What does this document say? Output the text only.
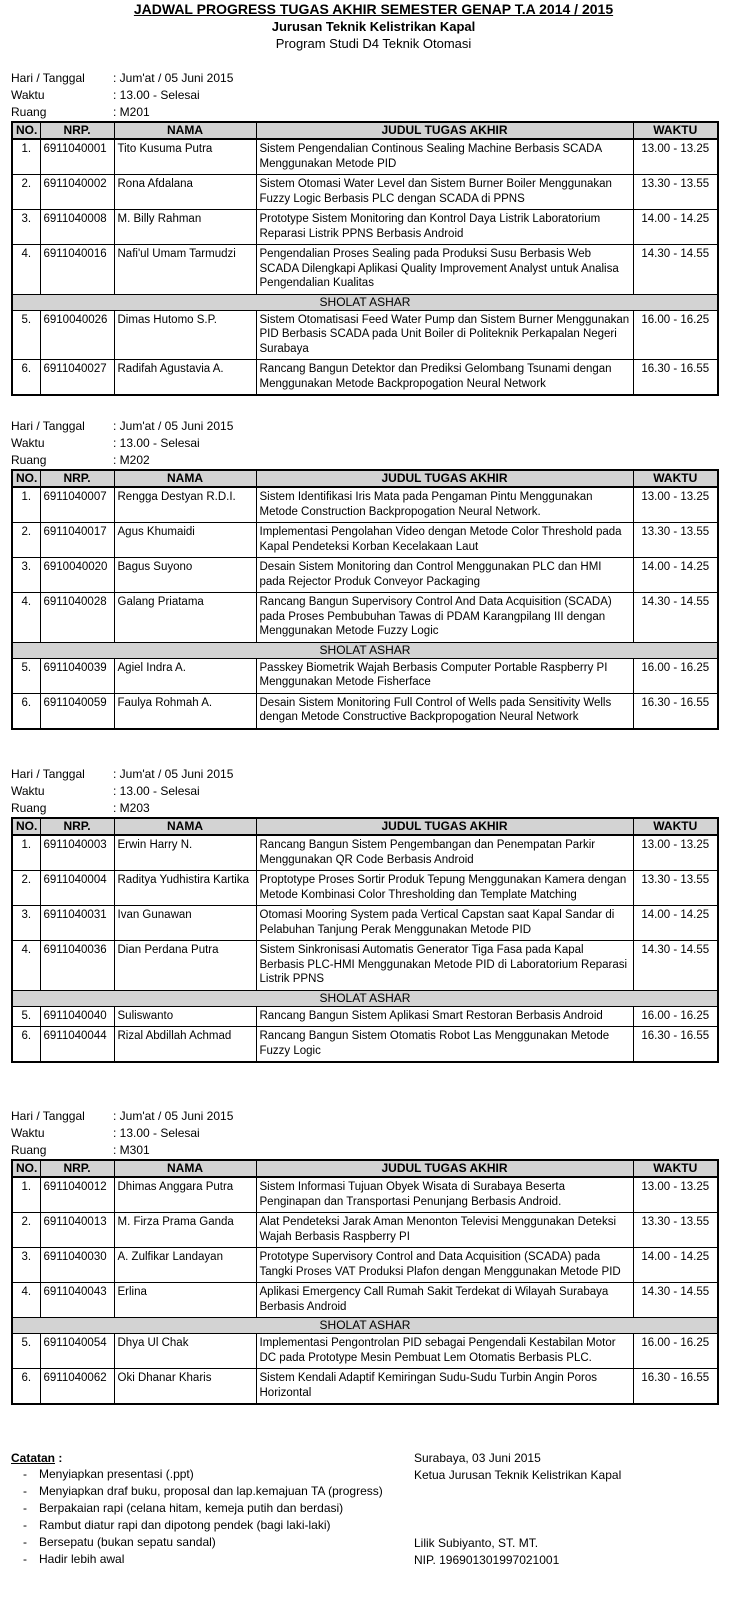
JADWAL PROGRESS TUGAS AKHIR SEMESTER GENAP T.A 2014 / 2015
Jurusan Teknik Kelistrikan Kapal
Program Studi D4 Teknik Otomasi
Hari / Tanggal : Jum'at / 05 Juni 2015
Waktu	: 13.00 - Selesai
Ruang	: M201
NO.	NRP.	NAMA	JUDUL TUGAS AKHIR	WAKTU
1.	6911040001	Tito Kusuma Putra	Sistem Pengendalian Continous Sealing Machine Berbasis SCADA Menggunakan Metode PID	13.00 - 13.25
2.	6911040002	Rona Afdalana	Sistem Otomasi Water Level dan Sistem Burner Boiler Menggunakan Fuzzy Logic Berbasis PLC dengan SCADA di PPNS	13.30 - 13.55
3.	6911040008	M. Billy Rahman	Prototype Sistem Monitoring dan Kontrol Daya Listrik Laboratorium Reparasi Listrik PPNS Berbasis Android	14.00 - 14.25
4.	6911040016	Nafi'ul Umam Tarmudzi	Pengendalian Proses Sealing pada Produksi Susu Berbasis Web SCADA Dilengkapi Aplikasi Quality Improvement Analyst untuk Analisa Pengendalian Kualitas	14.30 - 14.55
SHOLAT ASHAR				
5.	6910040026	Dimas Hutomo S.P.	Sistem Otomatisasi Feed Water Pump dan Sistem Burner Menggunakan PID Berbasis SCADA pada Unit Boiler di Politeknik Perkapalan Negeri Surabaya	16.00 - 16.25
6.	6911040027	Radifah Agustavia A.	Rancang Bangun Detektor dan Prediksi Gelombang Tsunami dengan Menggunakan Metode Backpropogation Neural Network	16.30 - 16.55
Hari / Tanggal : Jum'at / 05 Juni 2015
Waktu	: 13.00 - Selesai
Ruang	: M202
NO.	NRP.	NAMA	JUDUL TUGAS AKHIR	WAKTU
1.	6911040007	Rengga Destyan R.D.I.	Sistem Identifikasi Iris Mata pada Pengaman Pintu Menggunakan Metode Construction Backpropogation Neural Network.	13.00 - 13.25
2.	6911040017	Agus Khumaidi	Implementasi Pengolahan Video dengan Metode Color Threshold pada Kapal Pendeteksi Korban Kecelakaan Laut	13.30 - 13.55
3.	6910040020	Bagus Suyono	Desain Sistem Monitoring dan Control Menggunakan PLC dan HMI pada Rejector Produk Conveyor Packaging	14.00 - 14.25
4.	6911040028	Galang Priatama	Rancang Bangun Supervisory Control And Data Acquisition (SCADA) pada Proses Pembubuhan Tawas di PDAM Karangpilang III dengan Menggunakan Metode Fuzzy Logic	14.30 - 14.55
SHOLAT ASHAR				
5.	6911040039	Agiel Indra A.	Passkey Biometrik Wajah Berbasis Computer Portable Raspberry PI Menggunakan Metode Fisherface	16.00 - 16.25
6.	6911040059	Faulya Rohmah A.	Desain Sistem Monitoring Full Control of Wells pada Sensitivity Wells dengan Metode Constructive Backpropogation Neural Network	16.30 - 16.55
Hari / Tanggal : Jum'at / 05 Juni 2015
Waktu	: 13.00 - Selesai
Ruang	: M203
NO.	NRP.	NAMA	JUDUL TUGAS AKHIR	WAKTU
1.	6911040003	Erwin Harry N.	Rancang Bangun Sistem Pengembangan dan Penempatan Parkir Menggunakan QR Code Berbasis Android	13.00 - 13.25
2.	6911040004	Raditya Yudhistira Kartika	Proptotype Proses Sortir Produk Tepung Menggunakan Kamera dengan Metode Kombinasi Color Thresholding dan Template Matching	13.30 - 13.55
3.	6911040031	Ivan Gunawan	Otomasi Mooring System pada Vertical Capstan saat Kapal Sandar di Pelabuhan Tanjung Perak Menggunakan Metode PID	14.00 - 14.25
4.	6911040036	Dian Perdana Putra	Sistem Sinkronisasi Automatis Generator Tiga Fasa pada Kapal Berbasis PLC-HMI Menggunakan Metode PID di Laboratorium Reparasi Listrik PPNS	14.30 - 14.55
SHOLAT ASHAR				
5.	6911040040	Suliswanto	Rancang Bangun Sistem Aplikasi Smart Restoran Berbasis Android	16.00 - 16.25
6.	6911040044	Rizal Abdillah Achmad	Rancang Bangun Sistem Otomatis Robot Las Menggunakan Metode Fuzzy Logic	16.30 - 16.55
Hari / Tanggal : Jum'at / 05 Juni 2015
Waktu	: 13.00 - Selesai
Ruang	: M301
NO.	NRP.	NAMA	JUDUL TUGAS AKHIR	WAKTU
1.	6911040012	Dhimas Anggara Putra	Sistem Informasi Tujuan Obyek Wisata di Surabaya Beserta Penginapan dan Transportasi Penunjang Berbasis Android.	13.00 - 13.25
2.	6911040013	M. Firza Prama Ganda	Alat Pendeteksi Jarak Aman Menonton Televisi Menggunakan Deteksi Wajah Berbasis Raspberry PI	13.30 - 13.55
3.	6911040030	A. Zulfikar Landayan	Prototype Supervisory Control and Data Acquisition (SCADA) pada Tangki Proses VAT Produksi Plafon dengan Menggunakan Metode PID	14.00 - 14.25
4.	6911040043	Erlina	Aplikasi Emergency Call Rumah Sakit Terdekat di Wilayah Surabaya Berbasis Android	14.30 - 14.55
SHOLAT ASHAR				
5.	6911040054	Dhya Ul Chak	Implementasi Pengontrolan PID sebagai Pengendali Kestabilan Motor DC pada Prototype Mesin Pembuat Lem Otomatis Berbasis PLC.	16.00 - 16.25
6.	6911040062	Oki Dhanar Kharis	Sistem Kendali Adaptif Kemiringan Sudu-Sudu Turbin Angin Poros Horizontal	16.30 - 16.55
Catatan :
- Menyiapkan presentasi (.ppt)
- Menyiapkan draf buku, proposal dan lap.kemajuan TA (progress)
- Berpakaian rapi (celana hitam, kemeja putih dan berdasi)
- Rambut diatur rapi dan dipotong pendek (bagi laki-laki)
- Bersepatu (bukan sepatu sandal)
- Hadir lebih awal
Surabaya, 03 Juni 2015
Ketua Jurusan Teknik Kelistrikan Kapal
Lilik Subiyanto, ST. MT.
NIP. 196901301997021001
